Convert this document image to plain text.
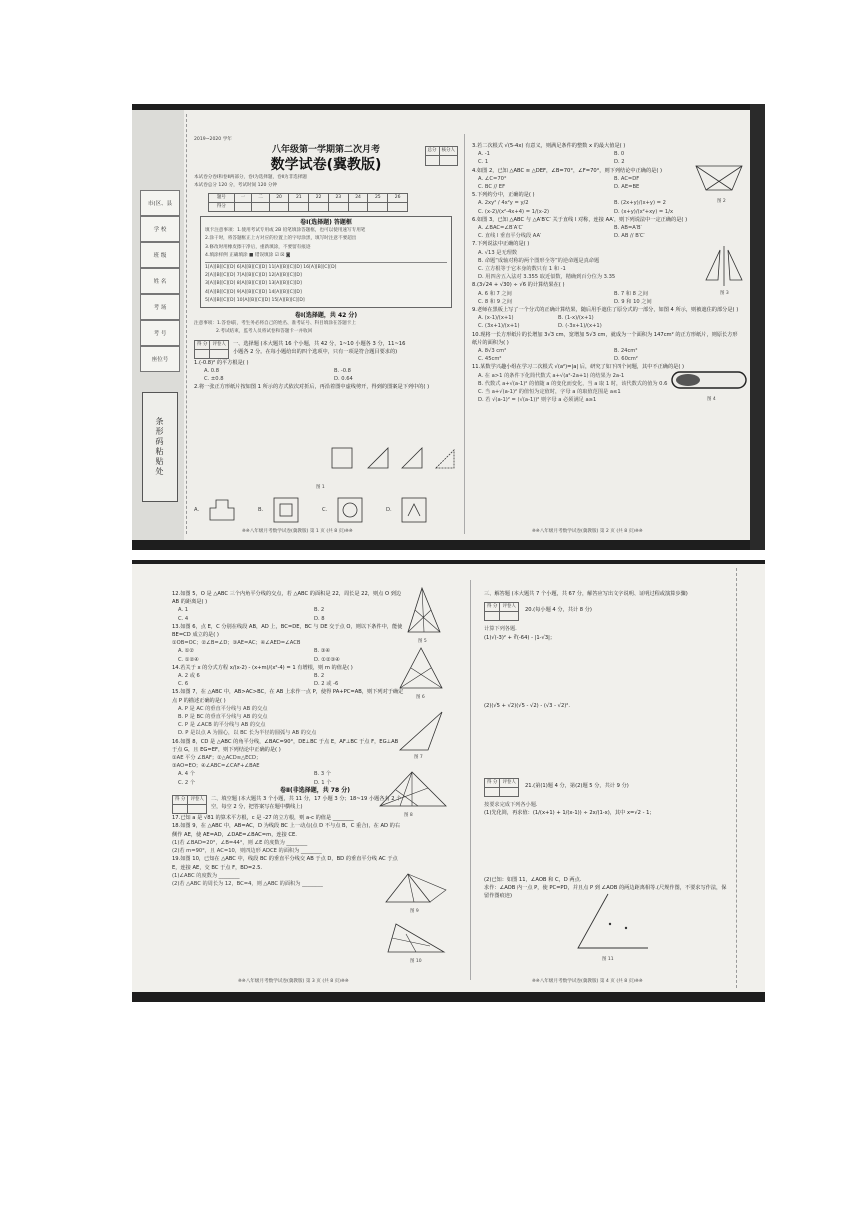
市(区、县
学 校
班 级
姓 名
考 场
考 号
座位号
条形码粘贴处
2019~2020 学年
八年级第一学期第二次月考
数学试卷(冀教版)
总分	核分人

本试卷分卷Ⅰ和卷Ⅱ两部分，卷Ⅰ为选择题，卷Ⅱ为非选择题
本试卷总分 120 分，考试时间 120 分钟
题号	一	二	20	21	22	23	24	25	26
得分									
卷Ⅰ(选择题) 答题框
填卡注意事项：1.使用考试专用或 2B 铅笔填涂答题框，也可以使用速写专用笔
2.涂干时，将答题框正上方对应的位置上的字母涂黑，填写时注意不要超出
3.修改时用橡皮擦干净后，重新填涂，不要留有痕迹
4.填涂样例 正确填涂 ■ 错误填涂 ☑ ☒ ◙
1[A][B][C][D] 6[A][B][C][D] 11[A][B][C][D] 16[A][B][C][D]
2[A][B][C][D] 7[A][B][C][D] 12[A][B][C][D]
3[A][B][C][D] 8[A][B][C][D] 13[A][B][C][D]
4[A][B][C][D] 9[A][B][C][D] 14[A][B][C][D]
5[A][B][C][D] 10[A][B][C][D] 15[A][B][C][D]
卷Ⅰ(选择题，共 42 分)
注意事项：1.答卷Ⅰ前，考生务必将自己的姓名、准考证号、科目填涂在答题卡上
2.考试结束，监考人员将试卷和答题卡一并收回
得 分	评卷人
	一、选择题 (本大题共 16 个小题，共 42 分，1~10 小题各 3 分，11~16 小题各 2 分。在每小题给出的四个选项中，只有一项是符合题目要求的)
1.(-0.8)² 的平方根是( )
A. 0.8	B. -0.8
C. ±0.8	D. 0.64
2.将一张正方形纸片按如图 1 所示的方式依次对折后，再沿着图中虚线剪开，得到的图案是下列中的( )
图 1
A.	B.	C.	D.
※※八年级月考数学试卷(冀教版) 第 1 页 (共 8 页)※※
3.若二次根式 √(5-4x) 有意义，则满足条件的整数 x 的最大值是( )
A. -1	B. 0
C. 1	D. 2
4.如图 2，已知 △ABC ≌ △DEF，∠B=70°，∠F=70°，则下列结论中正确的是( )
A. ∠C=70°	B. AC=DF
C. BC // EF	D. AE=BE
5.下列约分中，正确的是( )
A. 2xy² / 4x²y = y/2	B. (2x+y)/(x+y) = 2
C. (x-2)/(x²-4x+4) = 1/(x-2)	D. (x+y)/(x²+xy) = 1/x
6.如图 3，已知 △ABC 与 △A′B′C′ 关于直线 l 对称，连接 AA′，则下列说法中一定正确的是( )
A. ∠BAC=∠B′A′C′	B. AB=A′B′
C. 直线 l 垂直平分线段 AA′	D. AB // B′C′
7.下列说法中正确的是( )
A. √13 是无理数
B. 命题“成轴对称的两个图形全等”的逆命题是真命题
C. 立方根等于它本身的数只有 1 和 -1
D. 用四舍五入法对 3.355 取近似数，精确到百分位为 3.35
8.(3√24 + √30) ÷ √6 的计算结果在( )
A. 6 和 7 之间	B. 7 和 8 之间
C. 8 和 9 之间	D. 9 和 10 之间
9.老师在黑板上写了一个分式的正确计算结果，随后用手遮住了原分式的一部分，如图 4 所示，则被遮住的部分是( )
A. (x-1)/(x+1)	B. (1-x)/(x+1)
C. (3x+1)/(x+1)	D. (-3x+1)/(x+1)
10.现将一长方形纸片的长增加 3√3 cm，宽增加 5√3 cm，就成为一个面积为 147cm² 的正方形纸片，则原长方形纸片的面积为( )
A. 8√3 cm²	B. 24cm²
C. 45cm²	D. 60cm²
11.某数学兴趣小组在学习二次根式 √(a²)=|a| 后，研究了如下四个问题，其中不正确的是( )
A. 在 a>1 的条件下化简代数式 a+√(a²-2a+1) 的结果为 2a-1
B. 代数式 a+√(a-1)² 的值随 a 的变化而变化，当 a 取 1 时，该代数式的值为 0.6
C. 当 a+√(a-1)² 的值恒为定值时，字母 a 的取值范围是 a≤1
D. 若 √(a-1)² = (√(a-1))² 则字母 a 必须满足 a≥1
图 2
图 3
图 4
※※八年级月考数学试卷(冀教版) 第 2 页 (共 8 页)※※
12.如图 5，O 是 △ABC 三个内角平分线的交点，若 △ABC 的面积是 22，周长是 22，则点 O 到边 AB 的距离是( )
A. 1	B. 2
C. 4	D. 8
13.如图 6，点 E，C 分别在线段 AB，AD 上，BC=DE，BC 与 DE 交于点 O，则以下条件中，能使 BE=CD 成立的是( )
①OB=OC；②∠B=∠D；③AE=AC；④∠AED=∠ACB
A. ①②	B. ③④
C. ①②④	D. ①②③④
14.若关于 x 的分式方程 x/(x-2) - (x+m)/(x²-4) = 1 有增根，则 m 的值是( )
A. 2 或 6	B. 2
C. 6	D. 2 或 -6
15.如图 7，在 △ABC 中，AB>AC>BC，在 AB 上求作一点 P，使得 PA+PC=AB，则下列对于确定点 P 的描述正确的是( )
A. P 是 AC 的垂直平分线与 AB 的交点
B. P 是 BC 的垂直平分线与 AB 的交点
C. P 是 ∠ACB 的平分线与 AB 的交点
D. P 是以点 A 为圆心，以 BC 长为半径的圆弧与 AB 的交点
16.如图 8，CD 是 △ABC 的角平分线，∠BAC=90°，DE⊥BC 于点 E，AF⊥BC 于点 F，EG⊥AB 于点 G，且 EG=EF，则下列结论中正确的是( )
①AE 平分 ∠BAF；②△ACD≌△ECD；
③AO=EO；④∠ABC=∠CAF+∠BAE
A. 4 个	B. 3 个
C. 2 个	D. 1 个
卷Ⅱ(非选择题，共 78 分)
得 分	评卷人
	二、填空题 (本大题共 3 个小题，共 11 分，17 小题 3 分；18~19 小题各有 2 个空，每空 2 分，把答案写在题中横线上)
17.已知 a 是 √81 的算术平方根，c 是 -27 的立方根，则 a-c 的值是 ________
18.如图 9，在 △ABC 中，AB=AC，D 为线段 BC 上一动点(点 D 不与点 B，C 重合)，在 AD 的右侧作 AE，使 AE=AD，∠DAE=∠BAC=m，连接 CE.
(1)若 ∠BAD=20°，∠B=44°，则 ∠E 的度数为 ________
(2)若 m=90°，且 AC=10，则四边形 ADCE 的面积为 ________
19.如图 10，已知在 △ABC 中，线段 BC 的垂直平分线交 AB 于点 D，BD 的垂直平分线 AC 于点 E，连接 AE，交 BC 于点 F，BD=2.5.
(1)∠ABC 的度数为 ________
(2)若 △ABC 的周长为 12，BC=4，则 △ABC 的面积为 ________
图 5
图 6
图 7
图 8
图 9
图 10
※※八年级月考数学试卷(冀教版) 第 3 页 (共 8 页)※※
三、解答题 (本大题共 7 个小题，共 67 分，解答应写出文字说明、证明过程或演算步骤)
得 分	评卷人

20.(每小题 4 分，共计 8 分)
计算下列各题.
(1)√(-3)² + ∛(-64) - |1-√3|；
(2)(√5 + √2)(√5 - √2) - (√3 - √2)².
得 分	评卷人

21.(第(1)题 4 分，第(2)题 5 分，共计 9 分)
按要求完成下列各小题.
(1)先化简，再求值：(1/(x+1) + 1/(x-1)) ÷ 2x/(1-x)，其中 x=√2 - 1；
(2)已知：如图 11，∠AOB 和 C，D 两点.
求作：∠AOB 内一点 P，使 PC=PD，并且点 P 到 ∠AOB 的两边距离相等.(尺规作图，不要求写作法，保留作图痕迹)
图 11
※※八年级月考数学试卷(冀教版) 第 4 页 (共 8 页)※※
